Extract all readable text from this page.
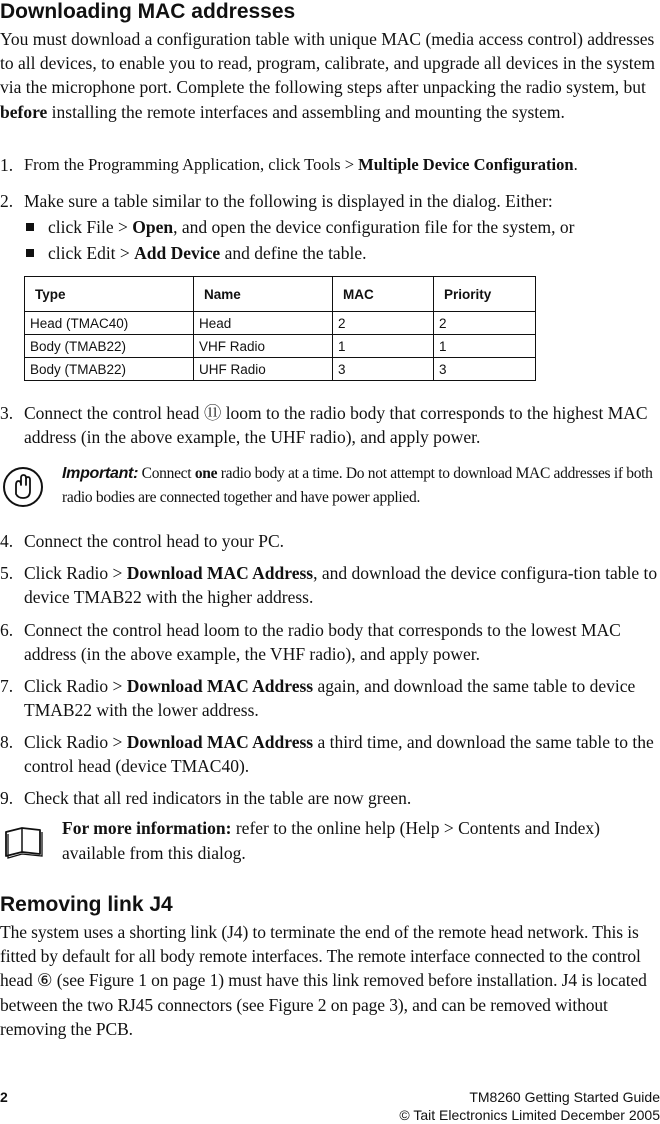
Downloading MAC addresses
You must download a configuration table with unique MAC (media access control) addresses to all devices, to enable you to read, program, calibrate, and upgrade all devices in the system via the microphone port. Complete the following steps after unpacking the radio system, but before installing the remote interfaces and assembling and mounting the system.
1. From the Programming Application, click Tools > Multiple Device Configuration.
2. Make sure a table similar to the following is displayed in the dialog. Either:
click File > Open, and open the device configuration file for the system, or
click Edit > Add Device and define the table.
Type	Name	MAC	Priority
Head (TMAC40)	Head	2	2
Body (TMAB22)	VHF Radio	1	1
Body (TMAB22)	UHF Radio	3	3
3. Connect the control head ⑪ loom to the radio body that corresponds to the highest MAC address (in the above example, the UHF radio), and apply power.
Important: Connect one radio body at a time. Do not attempt to download MAC addresses if both radio bodies are connected together and have power applied.
4. Connect the control head to your PC.
5. Click Radio > Download MAC Address, and download the device configura-tion table to device TMAB22 with the higher address.
6. Connect the control head loom to the radio body that corresponds to the lowest MAC address (in the above example, the VHF radio), and apply power.
7. Click Radio > Download MAC Address again, and download the same table to device TMAB22 with the lower address.
8. Click Radio > Download MAC Address a third time, and download the same table to the control head (device TMAC40).
9. Check that all red indicators in the table are now green.
For more information: refer to the online help (Help > Contents and Index) available from this dialog.
Removing link J4
The system uses a shorting link (J4) to terminate the end of the remote head network. This is fitted by default for all body remote interfaces. The remote interface connected to the control head ⑥ (see Figure 1 on page 1) must have this link removed before installation. J4 is located between the two RJ45 connectors (see Figure 2 on page 3), and can be removed without removing the PCB.
2	TM8260 Getting Started Guide
© Tait Electronics Limited December 2005
